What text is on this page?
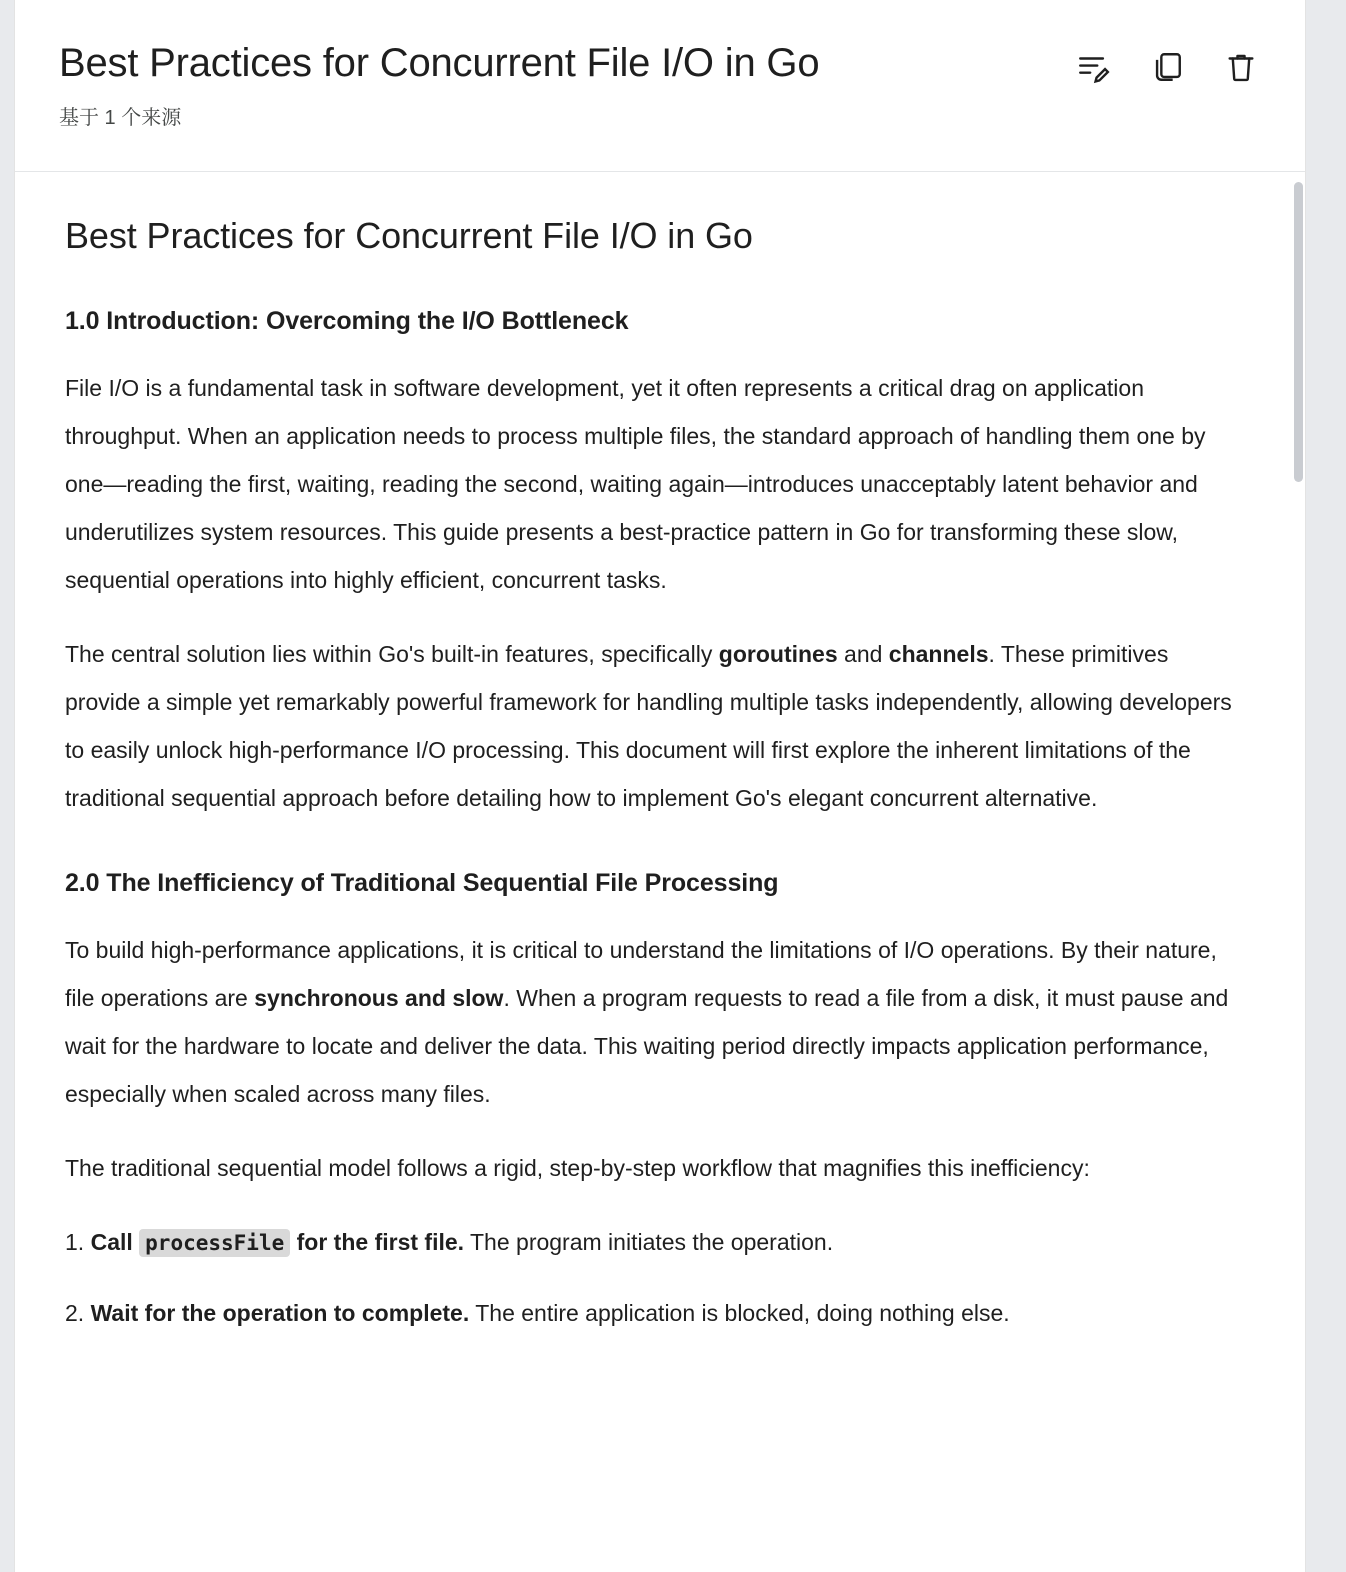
Best Practices for Concurrent File I/O in Go
基于 1 个来源
Best Practices for Concurrent File I/O in Go
1.0 Introduction: Overcoming the I/O Bottleneck

File I/O is a fundamental task in software development, yet it often represents a critical drag on application throughput. When an application needs to process multiple files, the standard approach of handling them one by one—reading the first, waiting, reading the second, waiting again—introduces unacceptably latent behavior and underutilizes system resources. This guide presents a best-practice pattern in Go for transforming these slow, sequential operations into highly efficient, concurrent tasks.

The central solution lies within Go's built-in features, specifically goroutines and channels. These primitives provide a simple yet remarkably powerful framework for handling multiple tasks independently, allowing developers to easily unlock high-performance I/O processing. This document will first explore the inherent limitations of the traditional sequential approach before detailing how to implement Go's elegant concurrent alternative.

2.0 The Inefficiency of Traditional Sequential File Processing

To build high-performance applications, it is critical to understand the limitations of I/O operations. By their nature, file operations are synchronous and slow. When a program requests to read a file from a disk, it must pause and wait for the hardware to locate and deliver the data. This waiting period directly impacts application performance, especially when scaled across many files.

The traditional sequential model follows a rigid, step-by-step workflow that magnifies this inefficiency:

1. Call processFile for the first file. The program initiates the operation.

2. Wait for the operation to complete. The entire application is blocked, doing nothing else.
